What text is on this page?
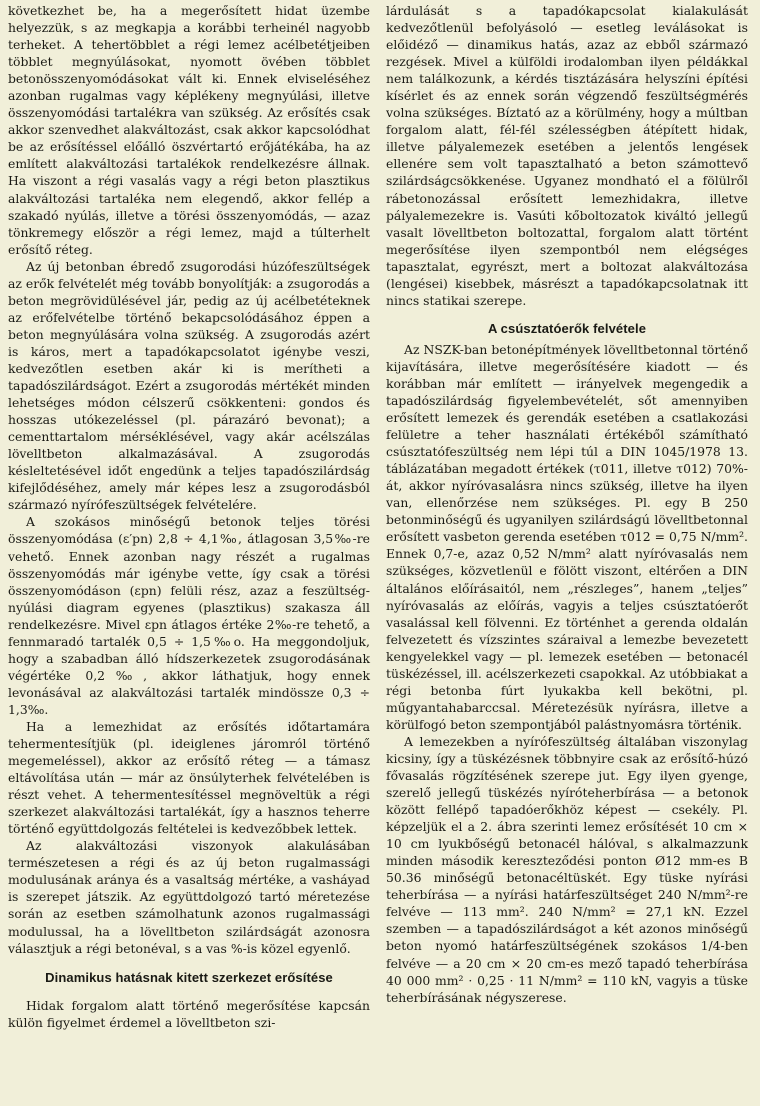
következhet be, ha a megerősített hidat üzembe helyezzük, s az megkapja a korábbi terheinél nagyobb terheket. A tehertöbblet a régi lemez acélbetétjeiben többlet megnyúlásokat, nyomott övében többlet betonösszenyomódásokat vált ki. Ennek elviseléséhez azonban rugalmas vagy képlékeny megnyúlási, illetve összenyomódási tartalékra van szükség. Az erősítés csak akkor szenvedhet alakváltozást, csak akkor kapcsolódhat be az erősítéssel előálló öszvértartó erőjátékába, ha az említett alakváltozási tartalékok rendelkezésre állnak. Ha viszont a régi vasalás vagy a régi beton plasztikus alakváltozási tartaléka nem elegendő, akkor fellép a szakadó nyúlás, illetve a törési összenyomódás, — azaz tönkremegy először a régi lemez, majd a túlterhelt erősítő réteg.

Az új betonban ébredő zsugorodási húzófeszültségek az erők felvételét még tovább bonyolítják: a zsugorodás a beton megrövidülésével jár, pedig az új acélbetéteknek az erőfelvételbe történő bekapcsolódásához éppen a beton megnyúlására volna szükség. A zsugorodás azért is káros, mert a tapadókapcsolatot igénybe veszi, kedvezőtlen esetben akár ki is merítheti a tapadószilárdságot. Ezért a zsugorodás mértékét minden lehetséges módon célszerű csökkenteni: gondos és hosszas utókezeléssel (pl. párazáró bevonat); a cementtartalom mérséklésével, vagy akár acélszálas lövelltbeton alkalmazásával. A zsugorodás késleltetésével időt engedünk a teljes tapadószilárdság kifejlődéséhez, amely már képes lesz a zsugorodásból származó nyírófeszültségek felvételére.

A szokásos minőségű betonok teljes törési összenyomódása (ε′pn) 2,8 ÷ 4,1‰, átlagosan 3,5‰-re vehető. Ennek azonban nagy részét a rugalmas összenyomódás már igénybe vette, így csak a törési összenyomódáson (εpn) felüli rész, azaz a feszültség-nyúlási diagram egyenes (plasztikus) szakasza áll rendelkezésre. Mivel εpn átlagos értéke 2‰-re tehető, a fennmaradó tartalék 0,5 ÷ 1,5‰o. Ha meggondoljuk, hogy a szabadban álló hídszerkezetek zsugorodásának végértéke 0,2‰, akkor láthatjuk, hogy ennek levonásával az alakváltozási tartalék mindössze 0,3 ÷ 1,3‰.

Ha a lemezhidat az erősítés időtartamára tehermentesítjük (pl. ideiglenes járomról történő megemeléssel), akkor az erősítő réteg — a támasz eltávolítása után — már az önsúlyterhek felvételében is részt vehet. A tehermentesítéssel megnöveltük a régi szerkezet alakváltozási tartalékát, így a hasznos teherre történő együttdolgozás feltételei is kedvezőbbek lettek.

Az alakváltozási viszonyok alakulásában természetesen a régi és az új beton rugalmassági modulusának aránya és a vasaltság mértéke, a vasháyad is szerepet játszik. Az együttdolgozó tartó méretezése során az esetben számolhatunk azonos rugalmassági modulussal, ha a lövelltbeton szilárdságát azonosra választjuk a régi betonéval, s a vas %-is közel egyenlő.

Dinamikus hatásnak kitett szerkezet erősítése

Hidak forgalom alatt történő megerősítése kapcsán külön figyelmet érdemel a lövelltbeton szi-

lárdulását s a tapadókapcsolat kialakulását kedvezőtlenül befolyásoló — esetleg leválásokat is előidéző — dinamikus hatás, azaz az ebből származó rezgések. Mivel a külföldi irodalomban ilyen példákkal nem találkozunk, a kérdés tisztázására helyszíni építési kísérlet és az ennek során végzendő feszültségmérés volna szükséges. Bíztató az a körülmény, hogy a múltban forgalom alatt, fél-fél szélességben átépített hidak, illetve pályalemezek esetében a jelentős lengések ellenére sem volt tapasztalható a beton számottevő szilárdságcsökkenése. Ugyanez mondható el a fölülről rábetonozással erősített lemezhidakra, illetve pályalemezekre is. Vasúti kőboltozatok kiváltó jellegű vasalt lövelltbeton boltozattal, forgalom alatt történt megerősítése ilyen szempontból nem elégséges tapasztalat, egyrészt, mert a boltozat alakváltozása (lengései) kisebbek, másrészt a tapadókapcsolatnak itt nincs statikai szerepe.

A csúsztatóerők felvétele

Az NSZK-ban betonépítmények lövelltbetonnal történő kijavítására, illetve megerősítésére kiadott — és korábban már említett — irányelvek megengedik a tapadószilárdság figyelembevételét, sőt amennyiben erősített lemezek és gerendák esetében a csatlakozási felületre a teher használati értékéből számítható csúsztatófeszültség nem lépi túl a DIN 1045/1978 13. táblázatában megadott értékek (τ011, illetve τ012) 70%-át, akkor nyíróvasalásra nincs szükség, illetve ha ilyen van, ellenőrzése nem szükséges. Pl. egy B 250 betonminőségű és ugyanilyen szilárdságú lövelltbetonnal erősített vasbeton gerenda esetében τ012 = 0,75 N/mm². Ennek 0,7-e, azaz 0,52 N/mm² alatt nyíróvasalás nem szükséges, közvetlenül e fölött viszont, eltérően a DIN általános előírásaitól, nem „részleges”, hanem „teljes” nyíróvasalás az előírás, vagyis a teljes csúsztatóerőt vasalással kell fölvenni. Ez történhet a gerenda oldalán felvezetett és vízszintes száraival a lemezbe bevezetett kengyelekkel vagy — pl. lemezek esetében — betonacél tüskézéssel, ill. acélszerkezeti csapokkal. Az utóbbiakat a régi betonba fúrt lyukakba kell bekötni, pl. műgyantahabarccsal. Méretezésük nyírásra, illetve a körülfogó beton szempontjából palástnyomásra történik.

A lemezekben a nyírófeszültség általában viszonylag kicsiny, így a tüskézésnek többnyire csak az erősítő-húzó fővasalás rögzítésének szerepe jut. Egy ilyen gyenge, szerelő jellegű tüskézés nyíróteherbírása — a betonok között fellépő tapadóerőkhöz képest — csekély. Pl. képzeljük el a 2. ábra szerinti lemez erősítését 10 cm × 10 cm lyukbőségű betonacél hálóval, s alkalmazzunk minden második kereszteződési ponton Ø12 mm-es B 50.36 minőségű betonacéltüskét. Egy tüske nyírási teherbírása — a nyírási határfeszültséget 240 N/mm²-re felvéve — 113 mm². 240 N/mm² = 27,1 kN. Ezzel szemben — a tapadószilárdságot a két azonos minőségű beton nyomó határfeszültségének szokásos 1/4-ben felvéve — a 20 cm × 20 cm-es mező tapadó teherbírása 40 000 mm² · 0,25 · 11 N/mm² = 110 kN, vagyis a tüske teherbírásának négyszerese.
